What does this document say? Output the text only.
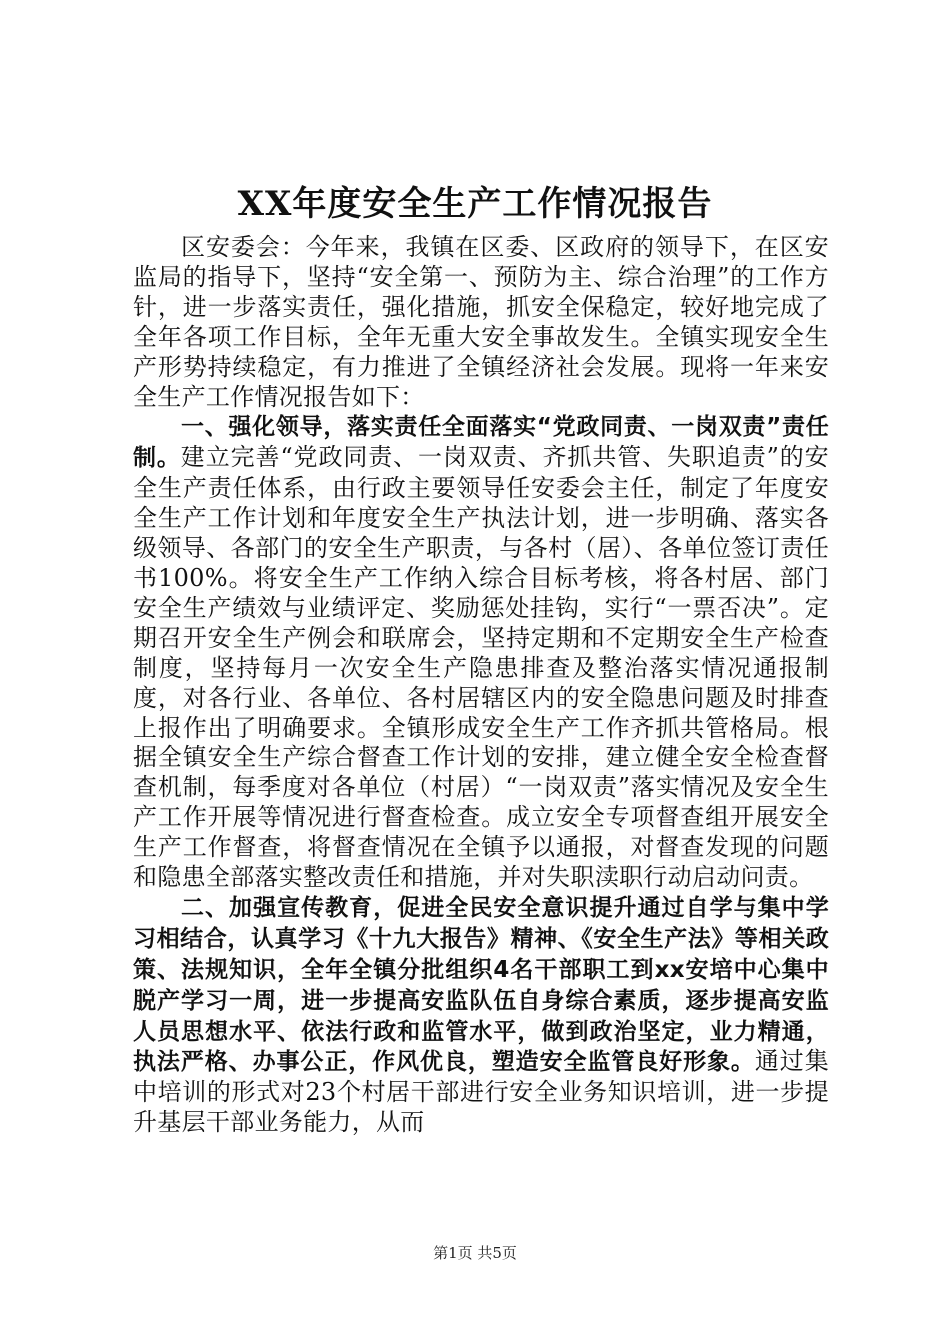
XX年度安全生产工作情况报告

区安委会：今年来，我镇在区委、区政府的领导下，在区安监局的指导下，坚持“安全第一、预防为主、综合治理”的工作方针，进一步落实责任，强化措施，抓安全保稳定，较好地完成了全年各项工作目标，全年无重大安全事故发生。全镇实现安全生产形势持续稳定，有力推进了全镇经济社会发展。现将一年来安全生产工作情况报告如下：

一、强化领导，落实责任全面落实“党政同责、一岗双责”责任制。建立完善“党政同责、一岗双责、齐抓共管、失职追责”的安全生产责任体系，由行政主要领导任安委会主任，制定了年度安全生产工作计划和年度安全生产执法计划，进一步明确、落实各级领导、各部门的安全生产职责，与各村（居）、各单位签订责任书100%。将安全生产工作纳入综合目标考核，将各村居、部门安全生产绩效与业绩评定、奖励惩处挂钩，实行“一票否决”。定期召开安全生产例会和联席会，坚持定期和不定期安全生产检查制度，坚持每月一次安全生产隐患排查及整治落实情况通报制度，对各行业、各单位、各村居辖区内的安全隐患问题及时排查上报作出了明确要求。全镇形成安全生产工作齐抓共管格局。根据全镇安全生产综合督查工作计划的安排，建立健全安全检查督查机制，每季度对各单位（村居）“一岗双责”落实情况及安全生产工作开展等情况进行督查检查。成立安全专项督查组开展安全生产工作督查，将督查情况在全镇予以通报，对督查发现的问题和隐患全部落实整改责任和措施，并对失职渎职行动启动问责。

二、加强宣传教育，促进全民安全意识提升通过自学与集中学习相结合，认真学习《十九大报告》精神、《安全生产法》等相关政策、法规知识，全年全镇分批组织4名干部职工到xx安培中心集中脱产学习一周，进一步提高安监队伍自身综合素质，逐步提高安监人员思想水平、依法行政和监管水平，做到政治坚定，业力精通，执法严格、办事公正，作风优良，塑造安全监管良好形象。通过集中培训的形式对23个村居干部进行安全业务知识培训，进一步提升基层干部业务能力，从而

第1页 共5页
